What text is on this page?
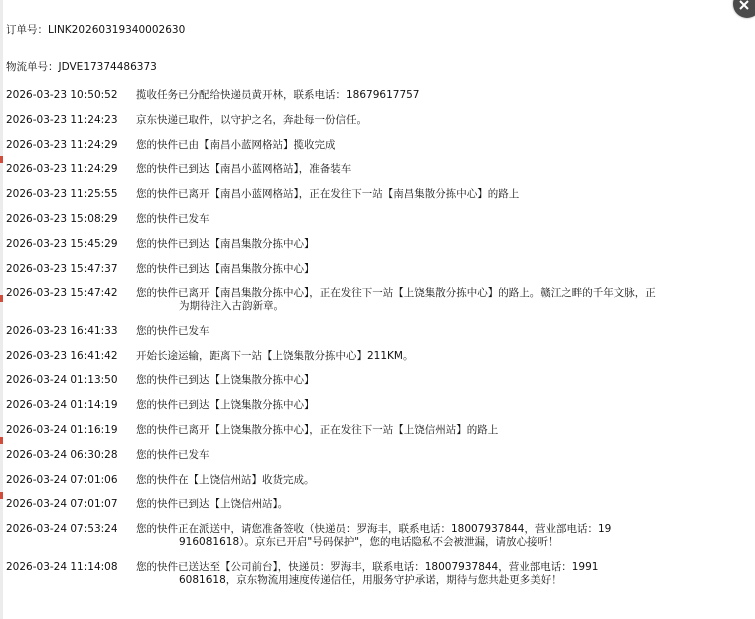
订单号：LINK20260319340002630
物流单号：JDVE17374486373
2026-03-23 10:50:52	揽收任务已分配给快递员黄开林，联系电话：18679617757
2026-03-23 11:24:23	京东快递已取件，以守护之名，奔赴每一份信任。
2026-03-23 11:24:29	您的快件已由【南昌小蓝网格站】揽收完成
2026-03-23 11:24:29	您的快件已到达【南昌小蓝网格站】，准备装车
2026-03-23 11:25:55	您的快件已离开【南昌小蓝网格站】，正在发往下一站【南昌集散分拣中心】的路上
2026-03-23 15:08:29	您的快件已发车
2026-03-23 15:45:29	您的快件已到达【南昌集散分拣中心】
2026-03-23 15:47:37	您的快件已到达【南昌集散分拣中心】
2026-03-23 15:47:42	您的快件已离开【南昌集散分拣中心】，正在发往下一站【上饶集散分拣中心】的路上。赣江之畔的千年文脉，正
为期待注入古韵新章。
2026-03-23 16:41:33	您的快件已发车
2026-03-23 16:41:42	开始长途运输，距离下一站【上饶集散分拣中心】211KM。
2026-03-24 01:13:50	您的快件已到达【上饶集散分拣中心】
2026-03-24 01:14:19	您的快件已到达【上饶集散分拣中心】
2026-03-24 01:16:19	您的快件已离开【上饶集散分拣中心】，正在发往下一站【上饶信州站】的路上
2026-03-24 06:30:28	您的快件已发车
2026-03-24 07:01:06	您的快件在【上饶信州站】收货完成。
2026-03-24 07:01:07	您的快件已到达【上饶信州站】。
2026-03-24 07:53:24	您的快件正在派送中，请您准备签收（快递员：罗海丰，联系电话：18007937844，营业部电话：19
916081618）。京东已开启"号码保护"，您的电话隐私不会被泄漏，请放心接听！
2026-03-24 11:14:08	您的快件已送达至【公司前台】，快递员：罗海丰，联系电话：18007937844，营业部电话：1991
6081618，京东物流用速度传递信任，用服务守护承诺，期待与您共赴更多美好！
